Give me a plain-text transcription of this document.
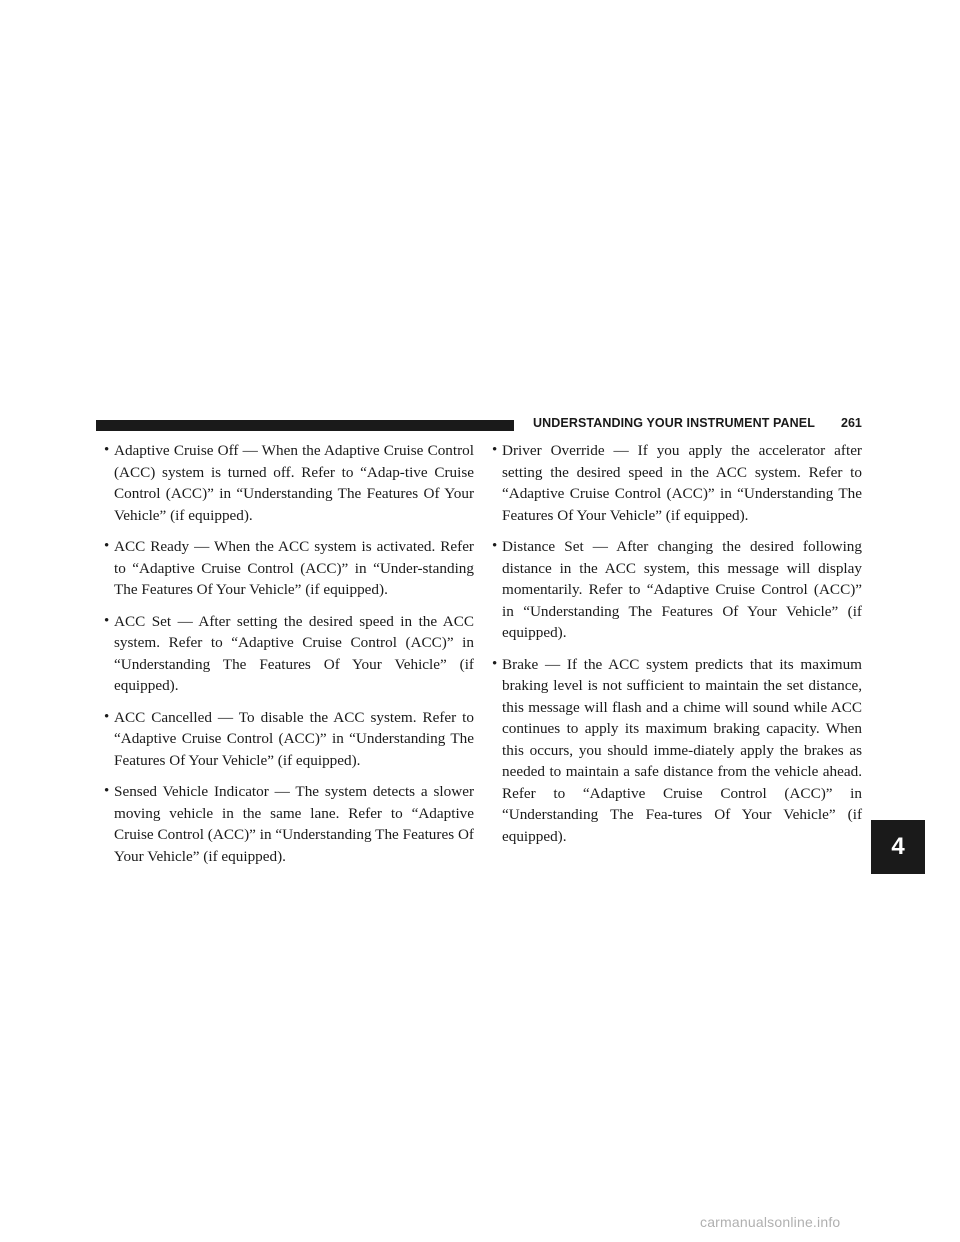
UNDERSTANDING YOUR INSTRUMENT PANEL 261
• Adaptive Cruise Off — When the Adaptive Cruise Control (ACC) system is turned off. Refer to “Adap-tive Cruise Control (ACC)” in “Understanding The Features Of Your Vehicle” (if equipped).
• ACC Ready — When the ACC system is activated. Refer to “Adaptive Cruise Control (ACC)” in “Under-standing The Features Of Your Vehicle” (if equipped).
• ACC Set — After setting the desired speed in the ACC system. Refer to “Adaptive Cruise Control (ACC)” in “Understanding The Features Of Your Vehicle” (if equipped).
• ACC Cancelled — To disable the ACC system. Refer to “Adaptive Cruise Control (ACC)” in “Understanding The Features Of Your Vehicle” (if equipped).
• Sensed Vehicle Indicator — The system detects a slower moving vehicle in the same lane. Refer to “Adaptive Cruise Control (ACC)” in “Understanding The Features Of Your Vehicle” (if equipped).
• Driver Override — If you apply the accelerator after setting the desired speed in the ACC system. Refer to “Adaptive Cruise Control (ACC)” in “Understanding The Features Of Your Vehicle” (if equipped).
• Distance Set — After changing the desired following distance in the ACC system, this message will display momentarily. Refer to “Adaptive Cruise Control (ACC)” in “Understanding The Features Of Your Vehicle” (if equipped).
• Brake — If the ACC system predicts that its maximum braking level is not sufficient to maintain the set distance, this message will flash and a chime will sound while ACC continues to apply its maximum braking capacity. When this occurs, you should imme-diately apply the brakes as needed to maintain a safe distance from the vehicle ahead. Refer to “Adaptive Cruise Control (ACC)” in “Understanding The Fea-tures Of Your Vehicle” (if equipped).	4
carmanualsonline.info
